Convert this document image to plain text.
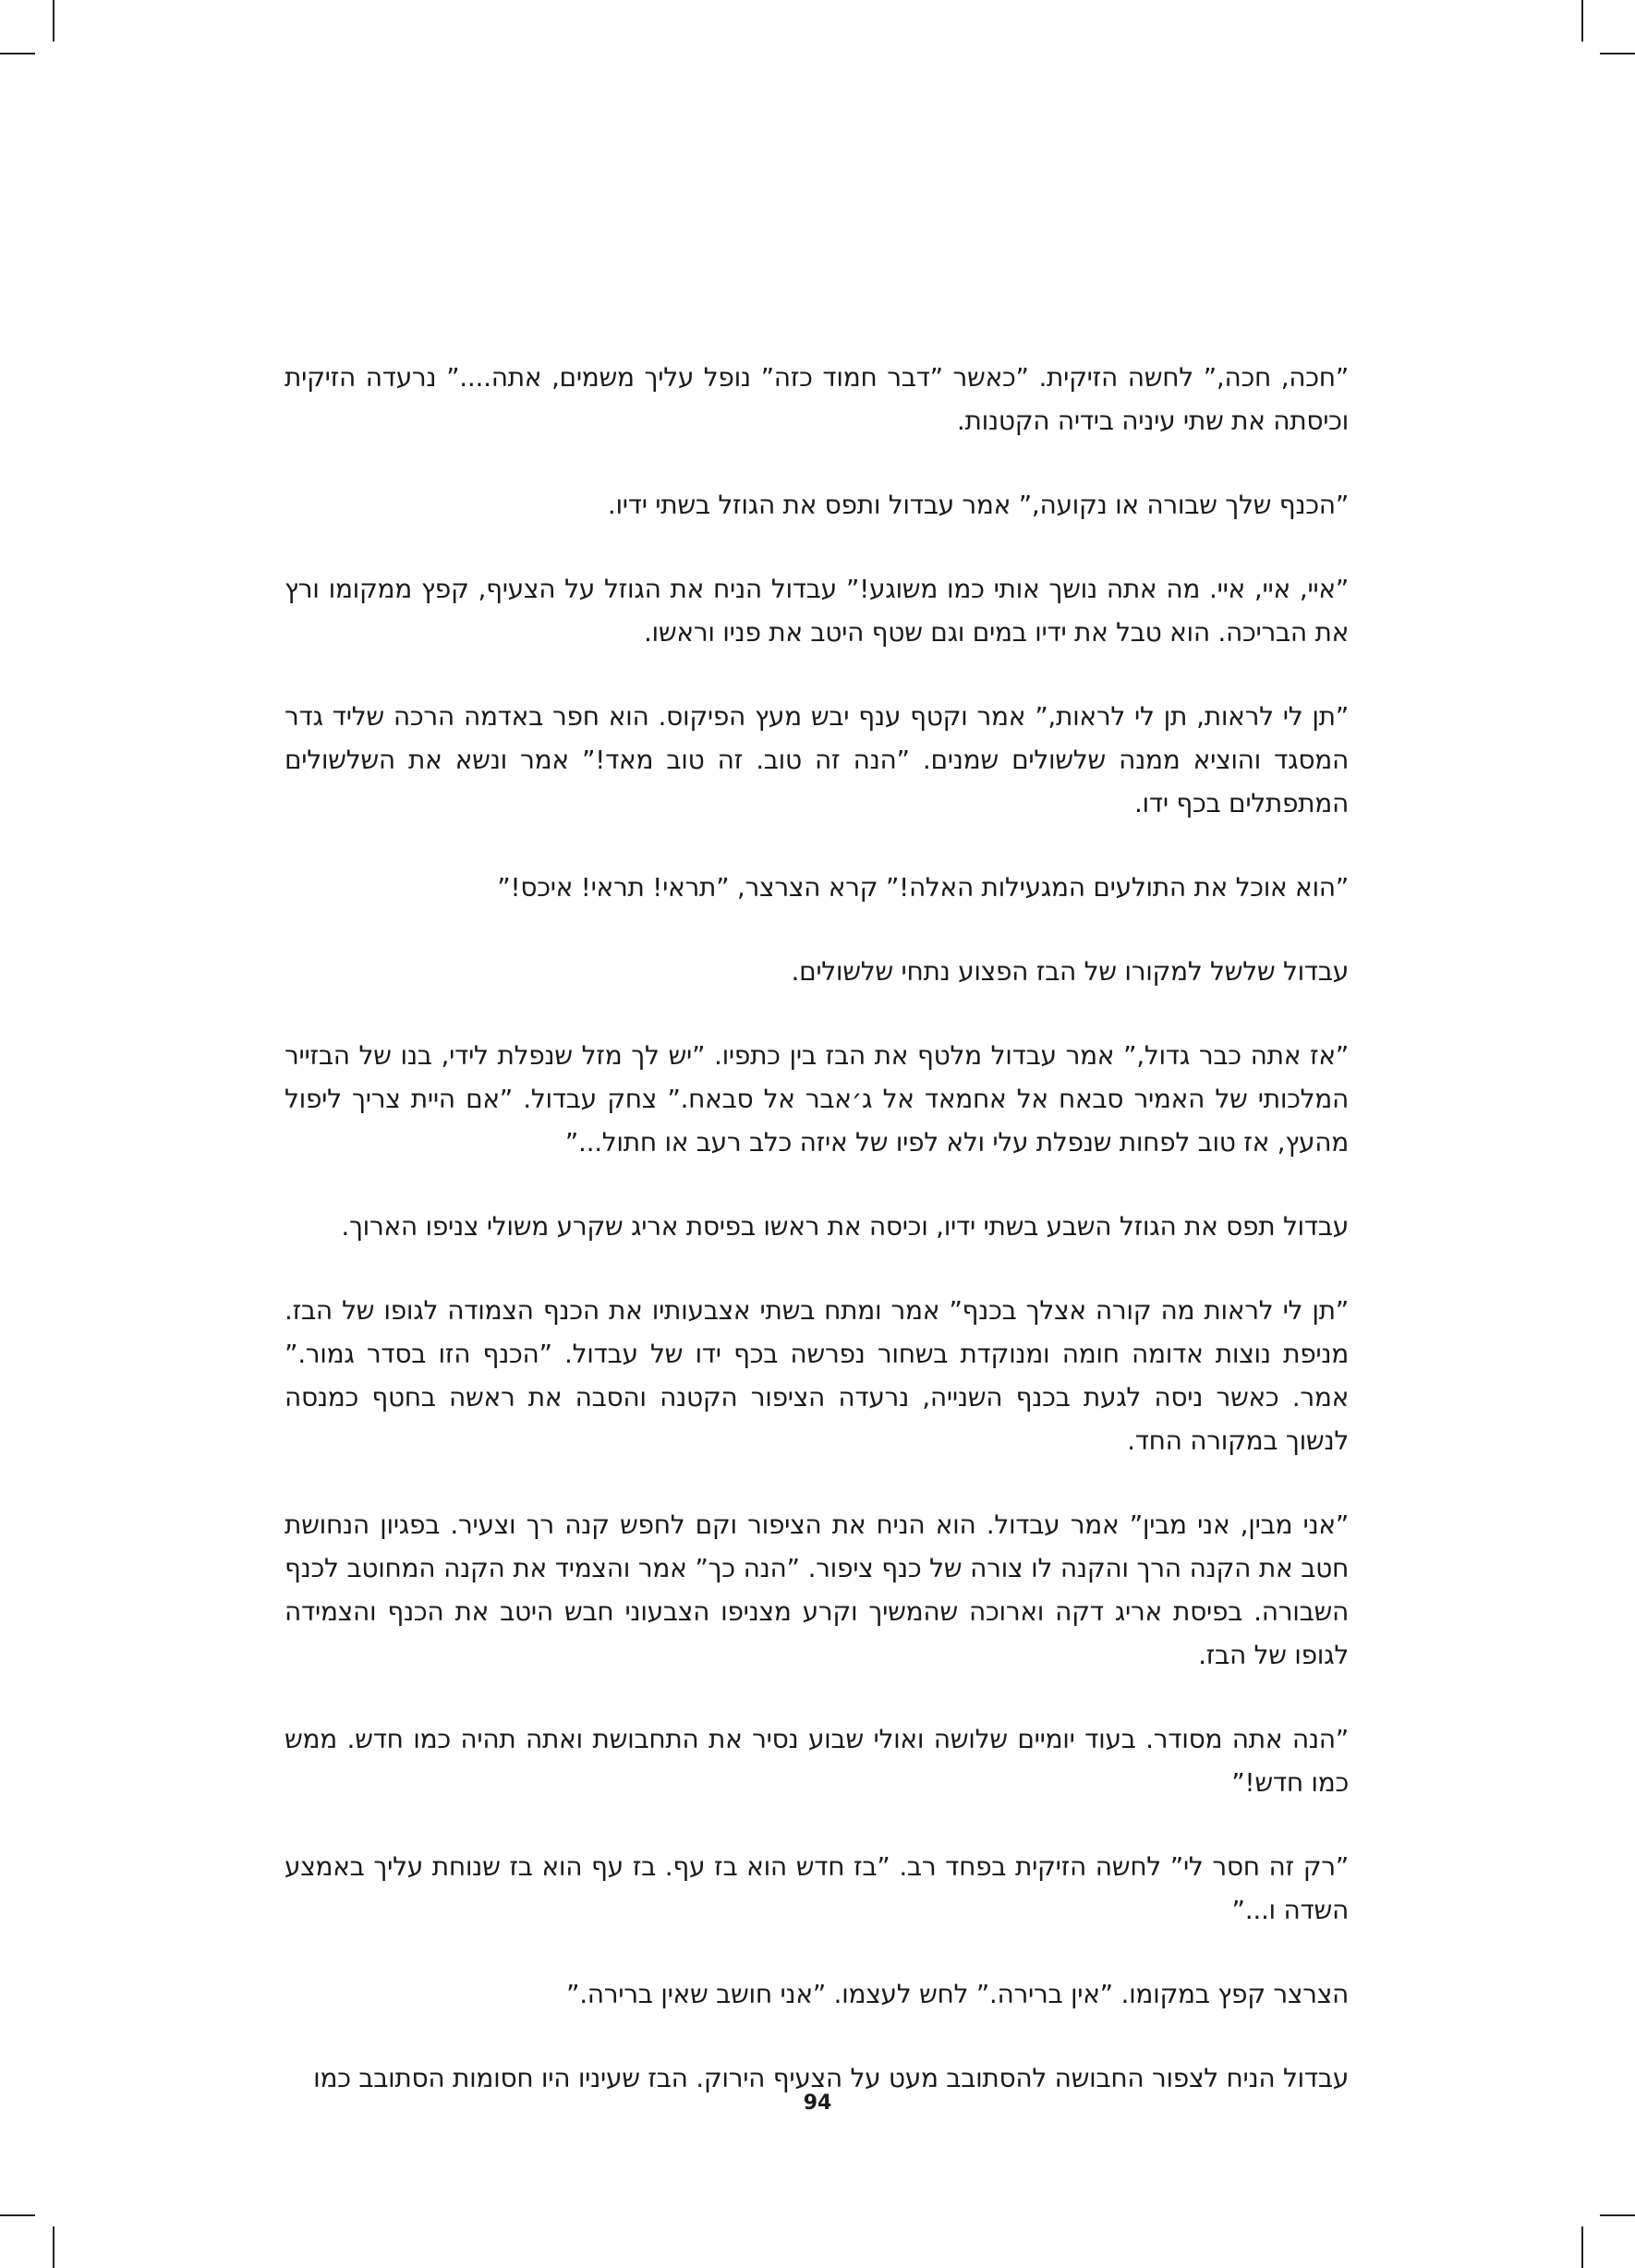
”חכה, חכה,” לחשה הזיקית. ”כאשר ”דבר חמוד כזה” נופל עליך משמים, אתה....” נרעדה הזיקית וכיסתה את שתי עיניה בידיה הקטנות.

”הכנף שלך שבורה או נקועה,” אמר עבדול ותפס את הגוזל בשתי ידיו.

”איי, איי, איי. מה אתה נושך אותי כמו משוגע!” עבדול הניח את הגוזל על הצעיף, קפץ ממקומו ורץ את הבריכה. הוא טבל את ידיו במים וגם שטף היטב את פניו וראשו.

”תן לי לראות, תן לי לראות,” אמר וקטף ענף יבש מעץ הפיקוס. הוא חפר באדמה הרכה שליד גדר המסגד והוציא ממנה שלשולים שמנים. ”הנה זה טוב. זה טוב מאד!” אמר ונשא את השלשולים המתפתלים בכף ידו.

”הוא אוכל את התולעים המגעילות האלה!” קרא הצרצר, ”תראי! תראי! איכס!”

עבדול שלשל למקורו של הבז הפצוע נתחי שלשולים.

”אז אתה כבר גדול,” אמר עבדול מלטף את הבז בין כתפיו. ”יש לך מזל שנפלת לידי, בנו של הבזייר המלכותי של האמיר סבאח אל אחמאד אל ג׳אבר אל סבאח.” צחק עבדול. ”אם היית צריך ליפול מהעץ, אז טוב לפחות שנפלת עלי ולא לפיו של איזה כלב רעב או חתול...”

עבדול תפס את הגוזל השבע בשתי ידיו, וכיסה את ראשו בפיסת אריג שקרע משולי צניפו הארוך.

”תן לי לראות מה קורה אצלך בכנף” אמר ומתח בשתי אצבעותיו את הכנף הצמודה לגופו של הבז. מניפת נוצות אדומה חומה ומנוקדת בשחור נפרשה בכף ידו של עבדול. ”הכנף הזו בסדר גמור.” אמר. כאשר ניסה לגעת בכנף השנייה, נרעדה הציפור הקטנה והסבה את ראשה בחטף כמנסה לנשוך במקורה החד.

”אני מבין, אני מבין” אמר עבדול. הוא הניח את הציפור וקם לחפש קנה רך וצעיר. בפגיון הנחושת חטב את הקנה הרך והקנה לו צורה של כנף ציפור. ”הנה כך” אמר והצמיד את הקנה המחוטב לכנף השבורה. בפיסת אריג דקה וארוכה שהמשיך וקרע מצניפו הצבעוני חבש היטב את הכנף והצמידה לגופו של הבז.

”הנה אתה מסודר. בעוד יומיים שלושה ואולי שבוע נסיר את התחבושת ואתה תהיה כמו חדש. ממש כמו חדש!”

”רק זה חסר לי” לחשה הזיקית בפחד רב. ”בז חדש הוא בז עף. בז עף הוא בז שנוחת עליך באמצע השדה ו...”

הצרצר קפץ במקומו. ”אין ברירה.” לחש לעצמו. ”אני חושב שאין ברירה.”

עבדול הניח לצפור החבושה להסתובב מעט על הצעיף הירוק. הבז שעיניו היו חסומות הסתובב כמו

94
